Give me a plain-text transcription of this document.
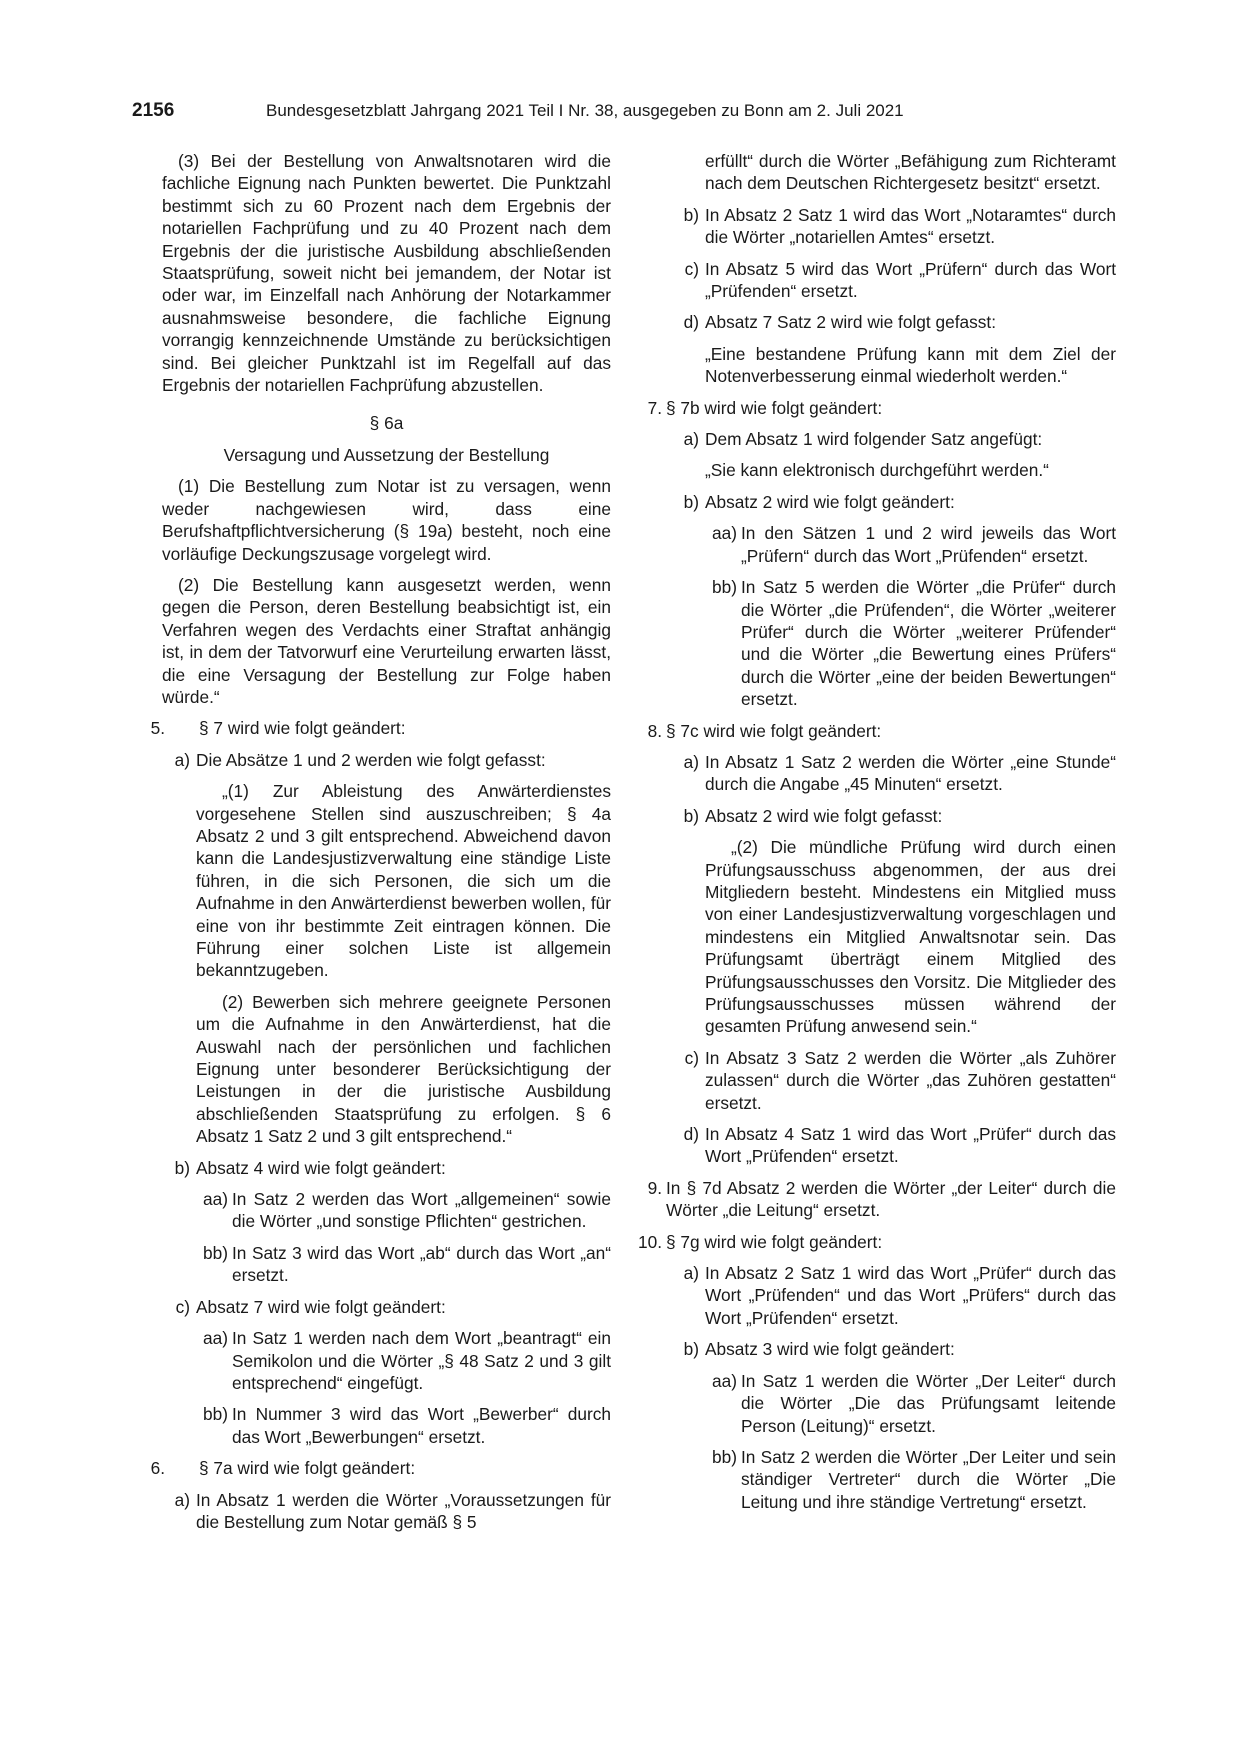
2156	Bundesgesetzblatt Jahrgang 2021 Teil I Nr. 38, ausgegeben zu Bonn am 2. Juli 2021

(3) Bei der Bestellung von Anwaltsnotaren wird die fachliche Eignung nach Punkten bewertet. Die Punktzahl bestimmt sich zu 60 Prozent nach dem Ergebnis der notariellen Fachprüfung und zu 40 Prozent nach dem Ergebnis der die juristische Ausbildung abschließenden Staatsprüfung, soweit nicht bei jemandem, der Notar ist oder war, im Einzelfall nach Anhörung der Notarkammer ausnahmsweise besondere, die fachliche Eignung vorrangig kennzeichnende Umstände zu berücksichtigen sind. Bei gleicher Punktzahl ist im Regelfall auf das Ergebnis der notariellen Fachprüfung abzustellen.

§ 6a

Versagung und Aussetzung der Bestellung

(1) Die Bestellung zum Notar ist zu versagen, wenn weder nachgewiesen wird, dass eine Berufshaftpflichtversicherung (§ 19a) besteht, noch eine vorläufige Deckungszusage vorgelegt wird.

(2) Die Bestellung kann ausgesetzt werden, wenn gegen die Person, deren Bestellung beabsichtigt ist, ein Verfahren wegen des Verdachts einer Straftat anhängig ist, in dem der Tatvorwurf eine Verurteilung erwarten lässt, die eine Versagung der Bestellung zur Folge haben würde.“

5. § 7 wird wie folgt geändert:
a) Die Absätze 1 und 2 werden wie folgt gefasst:

„(1) Zur Ableistung des Anwärterdienstes vorgesehene Stellen sind auszuschreiben; § 4a Absatz 2 und 3 gilt entsprechend. Abweichend davon kann die Landesjustizverwaltung eine ständige Liste führen, in die sich Personen, die sich um die Aufnahme in den Anwärterdienst bewerben wollen, für eine von ihr bestimmte Zeit eintragen können. Die Führung einer solchen Liste ist allgemein bekanntzugeben.

(2) Bewerben sich mehrere geeignete Personen um die Aufnahme in den Anwärterdienst, hat die Auswahl nach der persönlichen und fachlichen Eignung unter besonderer Berücksichtigung der Leistungen in der die juristische Ausbildung abschließenden Staatsprüfung zu erfolgen. § 6 Absatz 1 Satz 2 und 3 gilt entsprechend.“

b) Absatz 4 wird wie folgt geändert:
aa) In Satz 2 werden das Wort „allgemeinen“ sowie die Wörter „und sonstige Pflichten“ gestrichen.
bb) In Satz 3 wird das Wort „ab“ durch das Wort „an“ ersetzt.
c) Absatz 7 wird wie folgt geändert:
aa) In Satz 1 werden nach dem Wort „beantragt“ ein Semikolon und die Wörter „§ 48 Satz 2 und 3 gilt entsprechend“ eingefügt.
bb) In Nummer 3 wird das Wort „Bewerber“ durch das Wort „Bewerbungen“ ersetzt.
6. § 7a wird wie folgt geändert:
a) In Absatz 1 werden die Wörter „Voraussetzungen für die Bestellung zum Notar gemäß § 5

erfüllt“ durch die Wörter „Befähigung zum Richteramt nach dem Deutschen Richtergesetz besitzt“ ersetzt.

b) In Absatz 2 Satz 1 wird das Wort „Notaramtes“ durch die Wörter „notariellen Amtes“ ersetzt.
c) In Absatz 5 wird das Wort „Prüfern“ durch das Wort „Prüfenden“ ersetzt.
d) Absatz 7 Satz 2 wird wie folgt gefasst:

„Eine bestandene Prüfung kann mit dem Ziel der Notenverbesserung einmal wiederholt werden.“

7. § 7b wird wie folgt geändert:
a) Dem Absatz 1 wird folgender Satz angefügt:

„Sie kann elektronisch durchgeführt werden.“

b) Absatz 2 wird wie folgt geändert:
aa) In den Sätzen 1 und 2 wird jeweils das Wort „Prüfern“ durch das Wort „Prüfenden“ ersetzt.
bb) In Satz 5 werden die Wörter „die Prüfer“ durch die Wörter „die Prüfenden“, die Wörter „weiterer Prüfer“ durch die Wörter „weiterer Prüfender“ und die Wörter „die Bewertung eines Prüfers“ durch die Wörter „eine der beiden Bewertungen“ ersetzt.
8. § 7c wird wie folgt geändert:
a) In Absatz 1 Satz 2 werden die Wörter „eine Stunde“ durch die Angabe „45 Minuten“ ersetzt.
b) Absatz 2 wird wie folgt gefasst:

„(2) Die mündliche Prüfung wird durch einen Prüfungsausschuss abgenommen, der aus drei Mitgliedern besteht. Mindestens ein Mitglied muss von einer Landesjustizverwaltung vorgeschlagen und mindestens ein Mitglied Anwaltsnotar sein. Das Prüfungsamt überträgt einem Mitglied des Prüfungsausschusses den Vorsitz. Die Mitglieder des Prüfungsausschusses müssen während der gesamten Prüfung anwesend sein.“

c) In Absatz 3 Satz 2 werden die Wörter „als Zuhörer zulassen“ durch die Wörter „das Zuhören gestatten“ ersetzt.
d) In Absatz 4 Satz 1 wird das Wort „Prüfer“ durch das Wort „Prüfenden“ ersetzt.
9. In § 7d Absatz 2 werden die Wörter „der Leiter“ durch die Wörter „die Leitung“ ersetzt.
10. § 7g wird wie folgt geändert:
a) In Absatz 2 Satz 1 wird das Wort „Prüfer“ durch das Wort „Prüfenden“ und das Wort „Prüfers“ durch das Wort „Prüfenden“ ersetzt.
b) Absatz 3 wird wie folgt geändert:
aa) In Satz 1 werden die Wörter „Der Leiter“ durch die Wörter „Die das Prüfungsamt leitende Person (Leitung)“ ersetzt.
bb) In Satz 2 werden die Wörter „Der Leiter und sein ständiger Vertreter“ durch die Wörter „Die Leitung und ihre ständige Vertretung“ ersetzt.
